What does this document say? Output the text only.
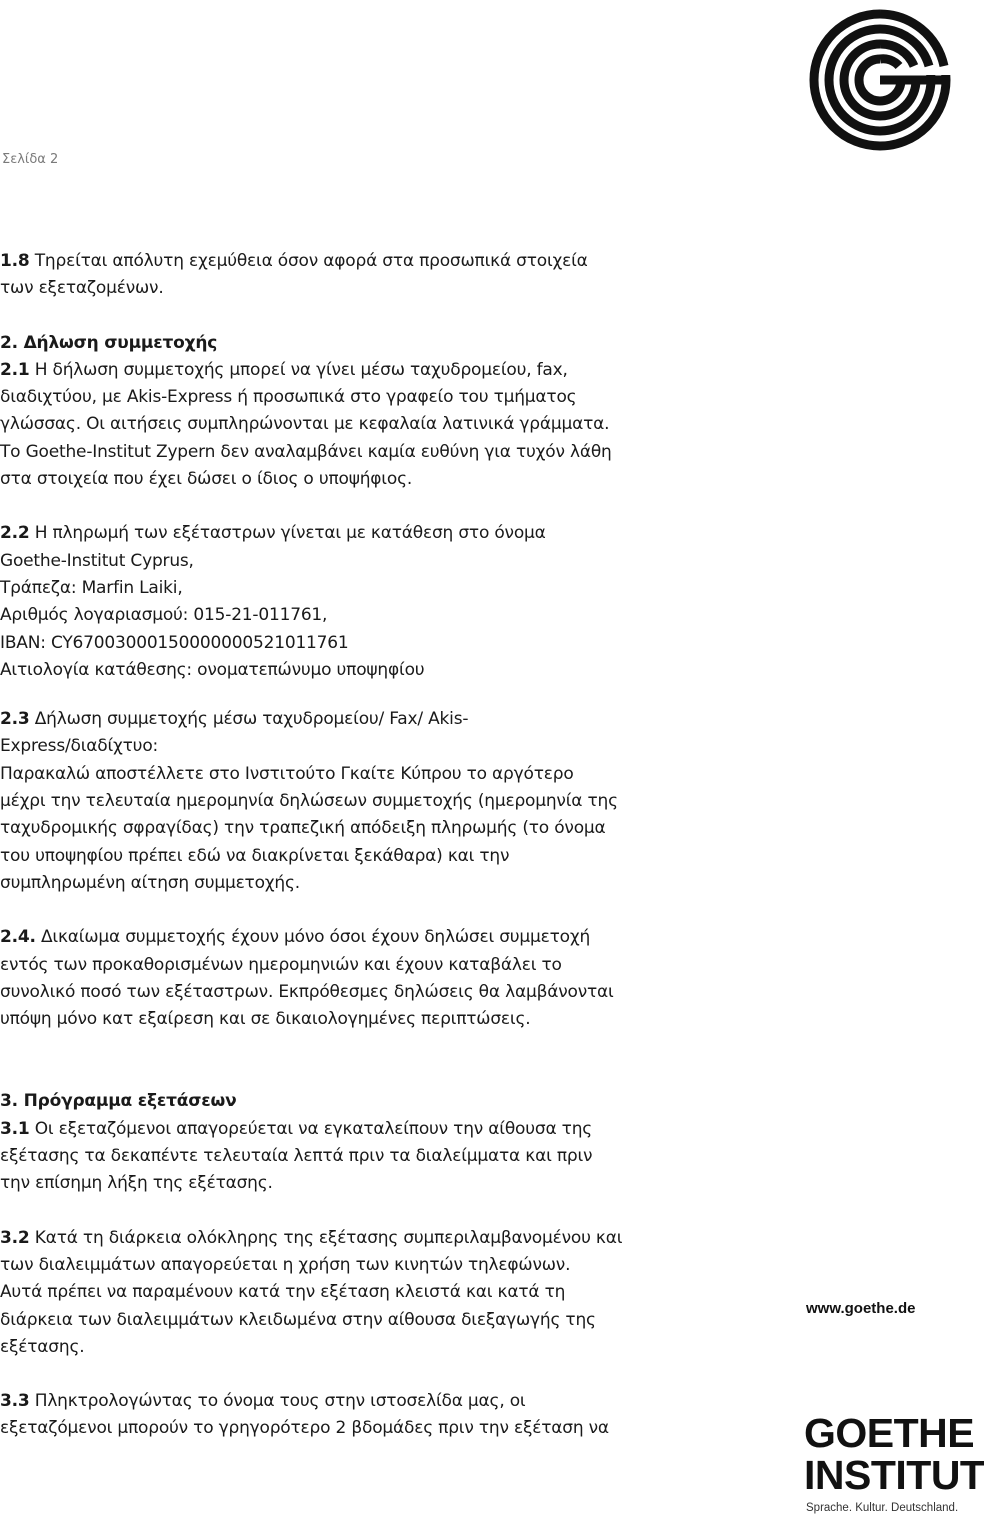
Σελίδα 2

1.8 Τηρείται απόλυτη εχεμύθεια όσον αφορά στα προσωπικά στοιχεία

των εξεταζομένων.

2. Δήλωση συμμετοχής

2.1 Η δήλωση συμμετοχής μπορεί να γίνει μέσω ταχυδρομείου, fax,

διαδιχτύου, με Akis-Express ή προσωπικά στο γραφείο του τμήματος

γλώσσας. Οι αιτήσεις συμπληρώνονται με κεφαλαία λατινικά γράμματα.

Το Goethe-Institut Zypern δεν αναλαμβάνει καμία ευθύνη για τυχόν λάθη

στα στοιχεία που έχει δώσει ο ίδιος ο υποψήφιος.

2.2 Η πληρωμή των εξέταστρων γίνεται με κατάθεση στο όνομα

Goethe-Institut Cyprus,

Τράπεζα: Marfin Laiki,

Αριθμός λογαριασμού: 015-21-011761,

IBAN: CY67003000150000000521011761

Αιτιολογία κατάθεσης: ονοματεπώνυμο υποψηφίου

2.3 Δήλωση συμμετοχής μέσω ταχυδρομείου/ Fax/ Akis-

Express/διαδίχτυο:

Παρακαλώ αποστέλλετε στο Ινστιτούτο Γκαίτε Κύπρου το αργότερο

μέχρι την τελευταία ημερομηνία δηλώσεων συμμετοχής (ημερομηνία της

ταχυδρομικής σφραγίδας) την τραπεζική απόδειξη πληρωμής (το όνομα

του υποψηφίου πρέπει εδώ να διακρίνεται ξεκάθαρα) και την

συμπληρωμένη αίτηση συμμετοχής.

2.4. Δικαίωμα συμμετοχής έχουν μόνο όσοι έχουν δηλώσει συμμετοχή

εντός των προκαθορισμένων ημερομηνιών και έχουν καταβάλει το

συνολικό ποσό των εξέταστρων. Εκπρόθεσμες δηλώσεις θα λαμβάνονται

υπόψη μόνο κατ εξαίρεση και σε δικαιολογημένες περιπτώσεις.

3. Πρόγραμμα εξετάσεων

3.1 Οι εξεταζόμενοι απαγορεύεται να εγκαταλείπουν την αίθουσα της

εξέτασης τα δεκαπέντε τελευταία λεπτά πριν τα διαλείμματα και πριν

την επίσημη λήξη της εξέτασης.

3.2 Κατά τη διάρκεια ολόκληρης της εξέτασης συμπεριλαμβανομένου και

των διαλειμμάτων απαγορεύεται η χρήση των κινητών τηλεφώνων.

Αυτά πρέπει να παραμένουν κατά την εξέταση κλειστά και κατά τη

διάρκεια των διαλειμμάτων κλειδωμένα στην αίθουσα διεξαγωγής της

εξέτασης.

3.3 Πληκτρολογώντας το όνομα τους στην ιστοσελίδα μας, οι

εξεταζόμενοι μπορούν το γρηγορότερο 2 βδομάδες πριν την εξέταση να

www.goethe.de
GOETHE
INSTITUT
Sprache. Kultur. Deutschland.
